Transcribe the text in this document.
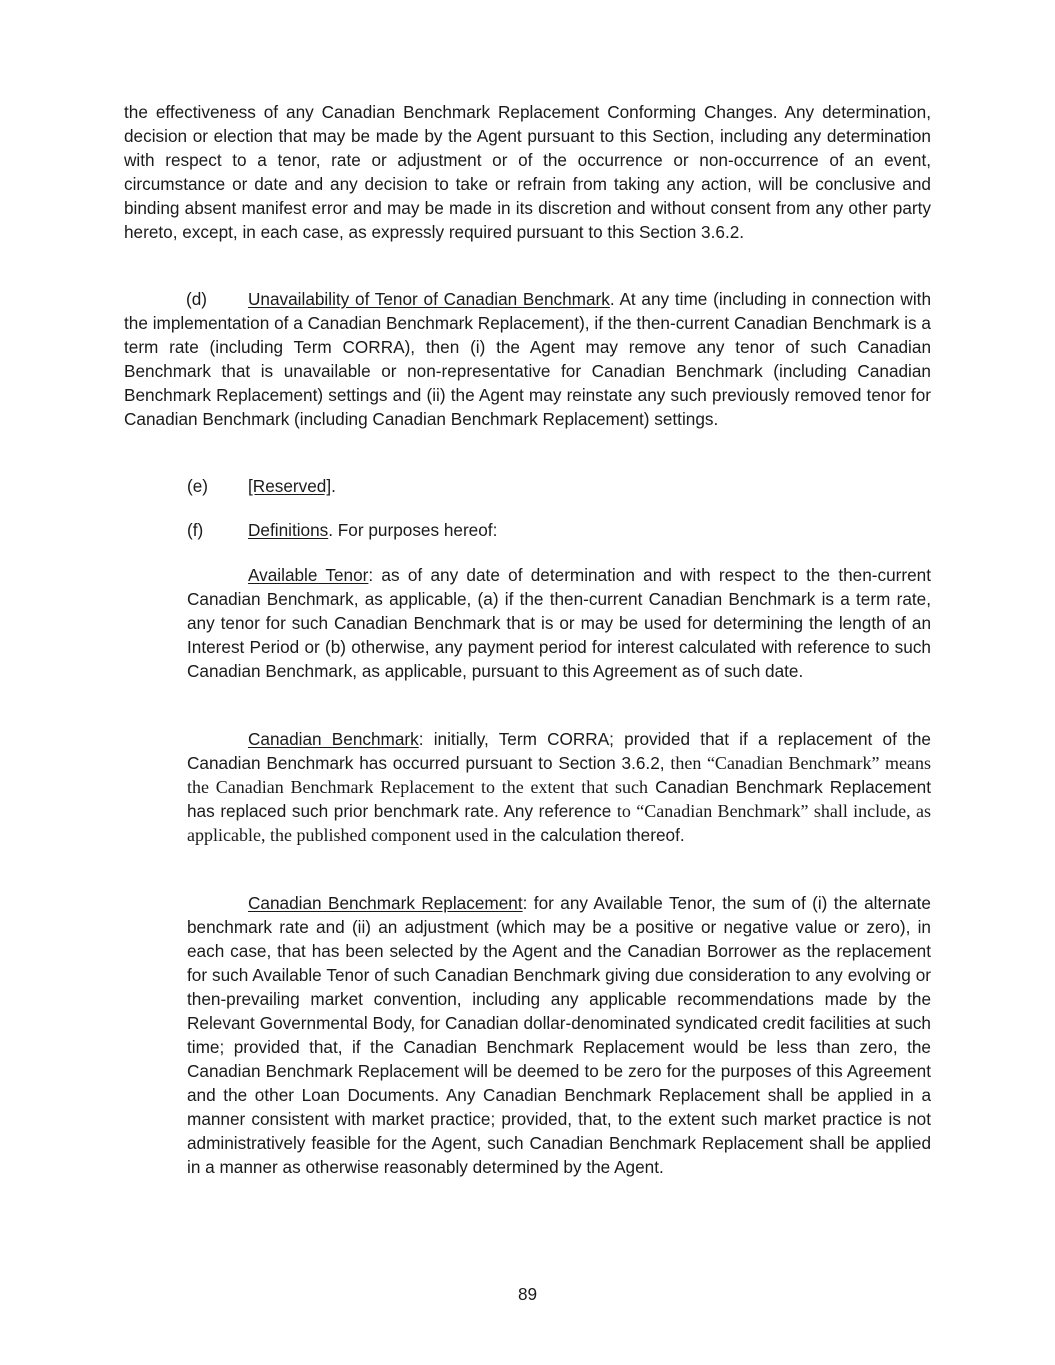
the effectiveness of any Canadian Benchmark Replacement Conforming Changes. Any determination, decision or election that may be made by the Agent pursuant to this Section, including any determination with respect to a tenor, rate or adjustment or of the occurrence or non-occurrence of an event, circumstance or date and any decision to take or refrain from taking any action, will be conclusive and binding absent manifest error and may be made in its discretion and without consent from any other party hereto, except, in each case, as expressly required pursuant to this Section 3.6.2.

(d) Unavailability of Tenor of Canadian Benchmark. At any time (including in connection with the implementation of a Canadian Benchmark Replacement), if the then-current Canadian Benchmark is a term rate (including Term CORRA), then (i) the Agent may remove any tenor of such Canadian Benchmark that is unavailable or non-representative for Canadian Benchmark (including Canadian Benchmark Replacement) settings and (ii) the Agent may reinstate any such previously removed tenor for Canadian Benchmark (including Canadian Benchmark Replacement) settings.

(e) [Reserved].
(f)	Definitions. For purposes hereof:

Available Tenor: as of any date of determination and with respect to the then-current Canadian Benchmark, as applicable, (a) if the then-current Canadian Benchmark is a term rate, any tenor for such Canadian Benchmark that is or may be used for determining the length of an Interest Period or (b) otherwise, any payment period for interest calculated with reference to such Canadian Benchmark, as applicable, pursuant to this Agreement as of such date.

Canadian Benchmark: initially, Term CORRA; provided that if a replacement of the Canadian Benchmark has occurred pursuant to Section 3.6.2, then “Canadian Benchmark” means the Canadian Benchmark Replacement to the extent that such Canadian Benchmark Replacement has replaced such prior benchmark rate. Any reference to “Canadian Benchmark” shall include, as applicable, the published component used in the calculation thereof.

Canadian Benchmark Replacement: for any Available Tenor, the sum of (i) the alternate benchmark rate and (ii) an adjustment (which may be a positive or negative value or zero), in each case, that has been selected by the Agent and the Canadian Borrower as the replacement for such Available Tenor of such Canadian Benchmark giving due consideration to any evolving or then-prevailing market convention, including any applicable recommendations made by the Relevant Governmental Body, for Canadian dollar-denominated syndicated credit facilities at such time; provided that, if the Canadian Benchmark Replacement would be less than zero, the Canadian Benchmark Replacement will be deemed to be zero for the purposes of this Agreement and the other Loan Documents. Any Canadian Benchmark Replacement shall be applied in a manner consistent with market practice; provided, that, to the extent such market practice is not administratively feasible for the Agent, such Canadian Benchmark Replacement shall be applied in a manner as otherwise reasonably determined by the Agent.

89
